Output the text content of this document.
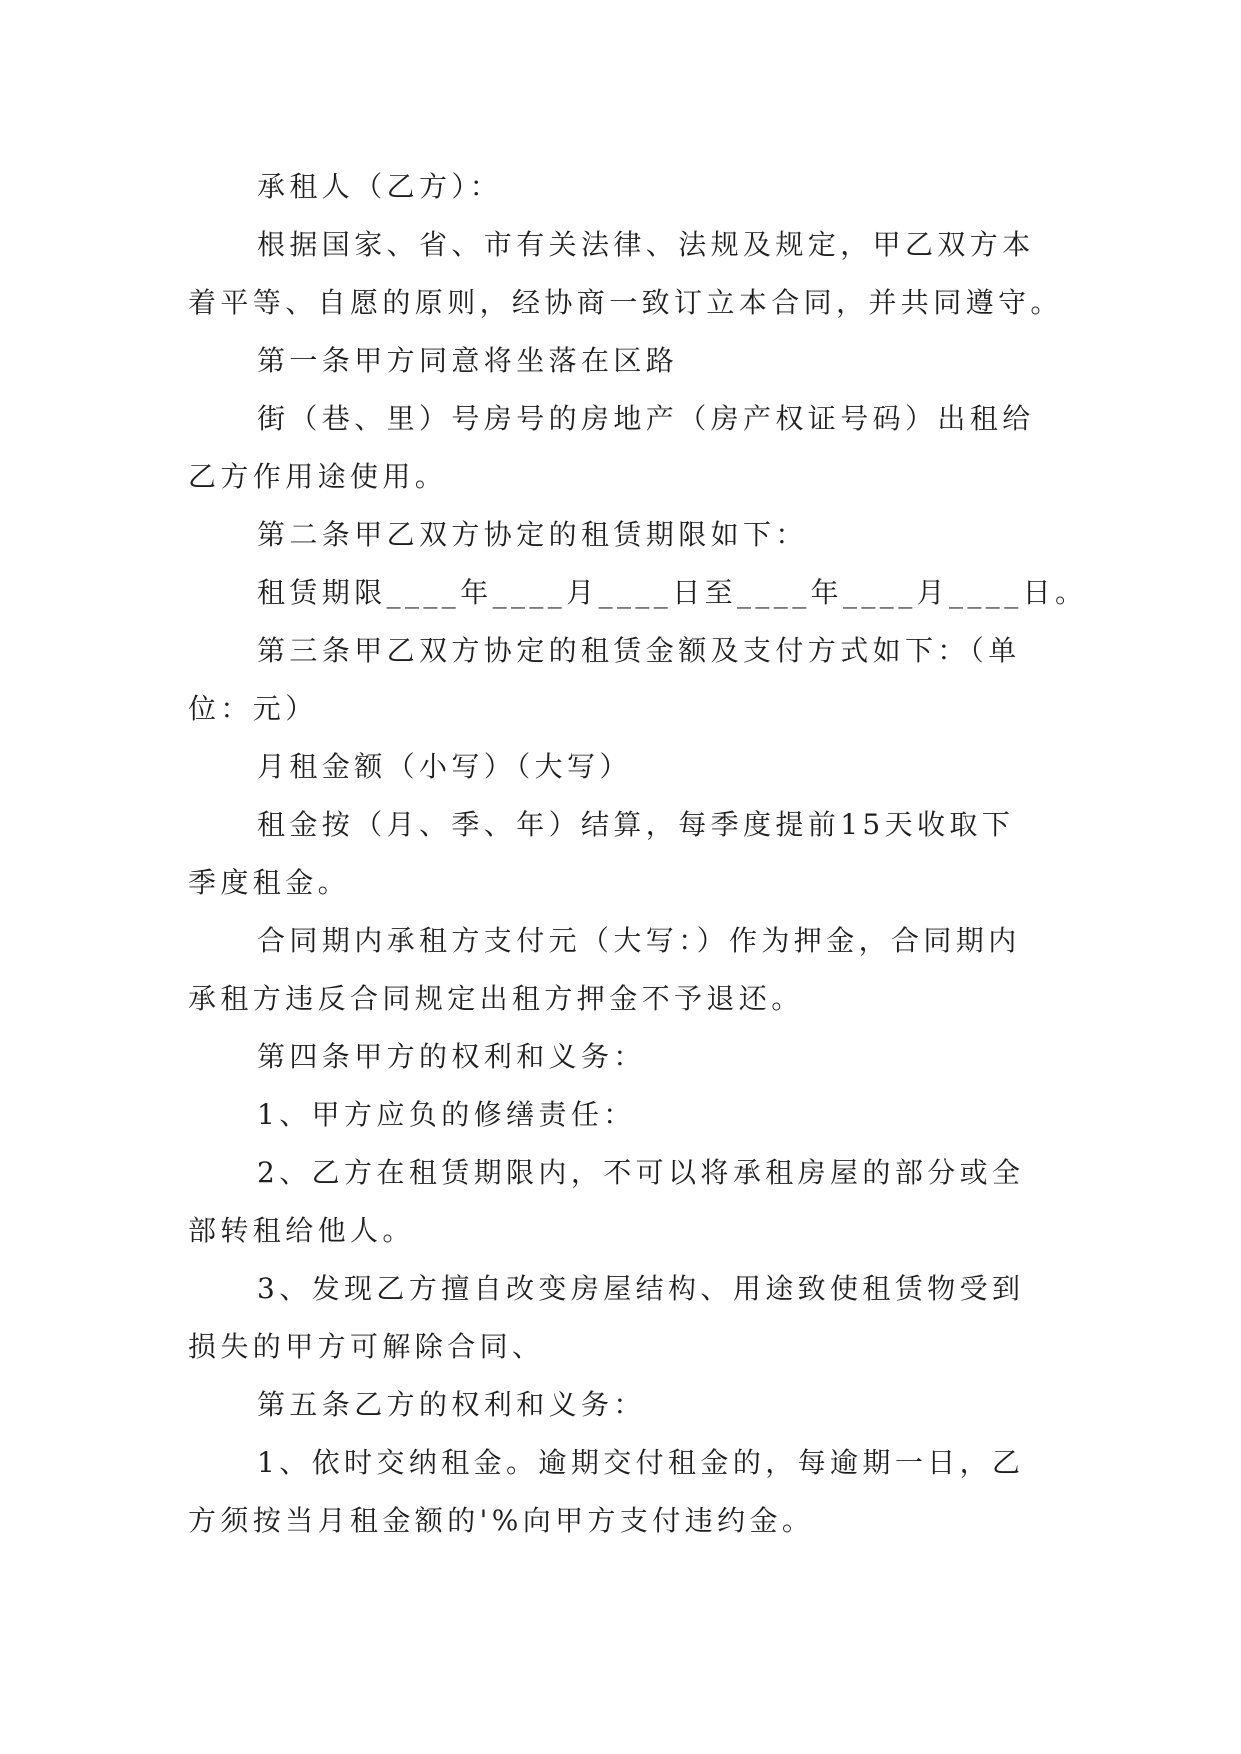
承租人（乙方）：
根据国家、省、市有关法律、法规及规定，甲乙双方本
着平等、自愿的原则，经协商一致订立本合同，并共同遵守。
第一条甲方同意将坐落在区路
街（巷、里）号房号的房地产（房产权证号码）出租给
乙方作用途使用。
第二条甲乙双方协定的租赁期限如下：
租赁期限____年____月____日至____年____月____日。
第三条甲乙双方协定的租赁金额及支付方式如下：（单
位：元）
月租金额（小写）（大写）
租金按（月、季、年）结算，每季度提前15天收取下
季度租金。
合同期内承租方支付元（大写：）作为押金，合同期内
承租方违反合同规定出租方押金不予退还。
第四条甲方的权利和义务：
1、甲方应负的修缮责任：
2、乙方在租赁期限内，不可以将承租房屋的部分或全
部转租给他人。
3、发现乙方擅自改变房屋结构、用途致使租赁物受到
损失的甲方可解除合同、
第五条乙方的权利和义务：
1、依时交纳租金。逾期交付租金的，每逾期一日，乙
方须按当月租金额的'%向甲方支付违约金。
